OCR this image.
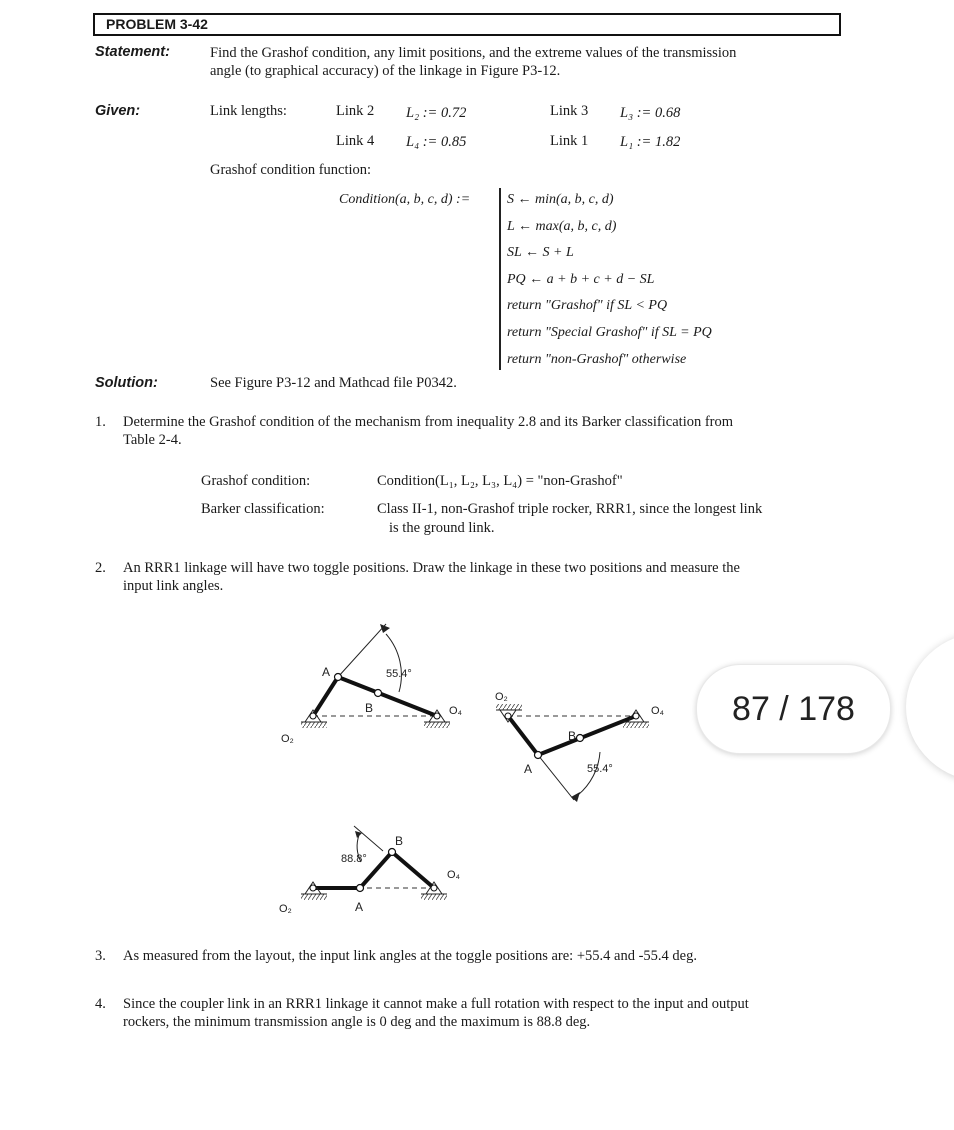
PROBLEM 3-42
Statement:	Find the Grashof condition, any limit positions, and the extreme values of the transmission
angle (to graphical accuracy) of the linkage in Figure P3-12.
Given:	Link lengths:	Link 2 L₂ := 0.72	Link 3 L₃ := 0.68
Link 4 L₄ := 0.85	Link 1 L₁ := 1.82
Grashof condition function:
Condition(a, b, c, d) :=	S ← min(a, b, c, d)
L ← max(a, b, c, d)
SL ← S + L
PQ ← a + b + c + d − SL
return "Grashof" if SL < PQ
return "Special Grashof" if SL = PQ
return "non-Grashof" otherwise
Solution:	See Figure P3-12 and Mathcad file P0342.
1. Determine the Grashof condition of the mechanism from inequality 2.8 and its Barker classification from
Table 2-4.
Grashof condition:	Condition(L₁, L₂, L₃, L₄) = "non-Grashof"
Barker classification:	Class II-1, non-Grashof triple rocker, RRR1, since the longest link
is the ground link.
2. An RRR1 linkage will have two toggle positions. Draw the linkage in these two positions and measure the
input link angles.
A
B
55.4°
O₂
O₄
A
B
55.4°
O₂
O₄
A
B
88.8°
O₂
O₄
87 / 178
3. As measured from the layout, the input link angles at the toggle positions are: +55.4 and -55.4 deg.
4. Since the coupler link in an RRR1 linkage it cannot make a full rotation with respect to the input and output
rockers, the minimum transmission angle is 0 deg and the maximum is 88.8 deg.
